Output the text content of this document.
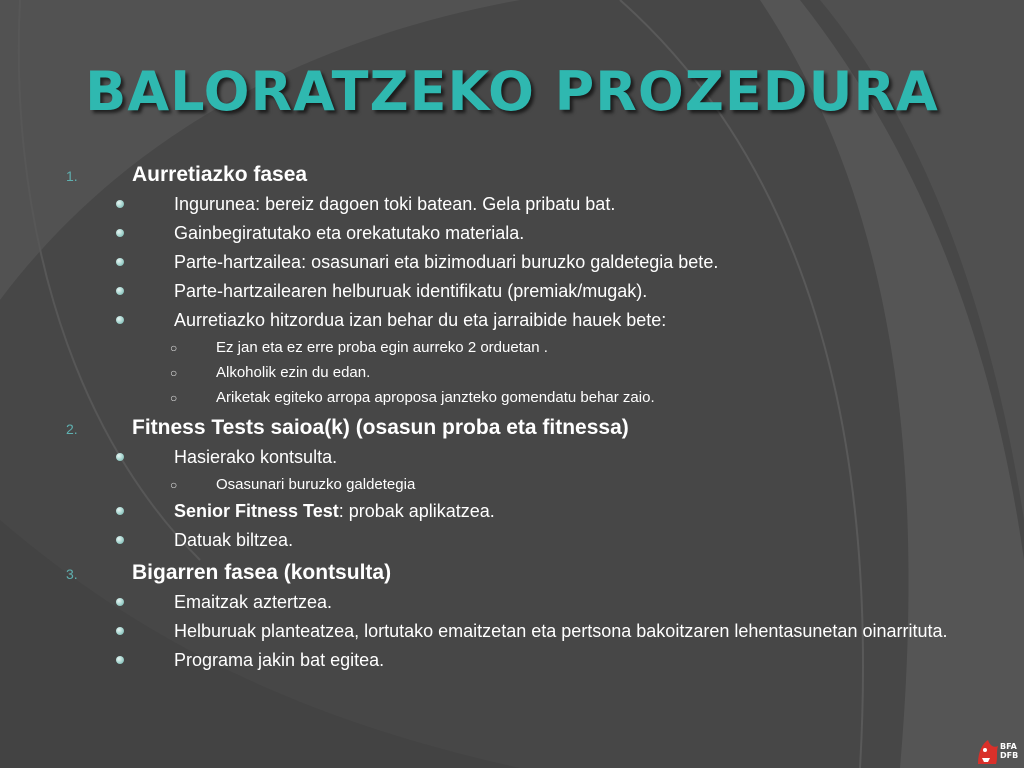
BALORATZEKO PROZEDURA
1.	Aurretiazko fasea
Ingurunea: bereiz dagoen toki batean. Gela pribatu bat.
Gainbegiratutako eta orekatutako materiala.
Parte-hartzailea: osasunari eta bizimoduari buruzko galdetegia bete.
Parte-hartzailearen helburuak identifikatu (premiak/mugak).
Aurretiazko hitzordua izan behar du eta jarraibide hauek bete:
○	Ez jan eta ez erre proba egin aurreko 2 orduetan .
○	Alkoholik ezin du edan.
○	Ariketak egiteko arropa aproposa janzteko gomendatu behar zaio.
2.	Fitness Tests saioa(k) (osasun proba eta fitnessa)
Hasierako kontsulta.
○	Osasunari buruzko galdetegia
Senior Fitness Test: probak aplikatzea.
Datuak biltzea.
3.	Bigarren fasea (kontsulta)
Emaitzak aztertzea.
Helburuak planteatzea, lortutako emaitzetan eta pertsona bakoitzaren lehentasunetan oinarrituta.
Programa jakin bat egitea.
BFA
DFB
